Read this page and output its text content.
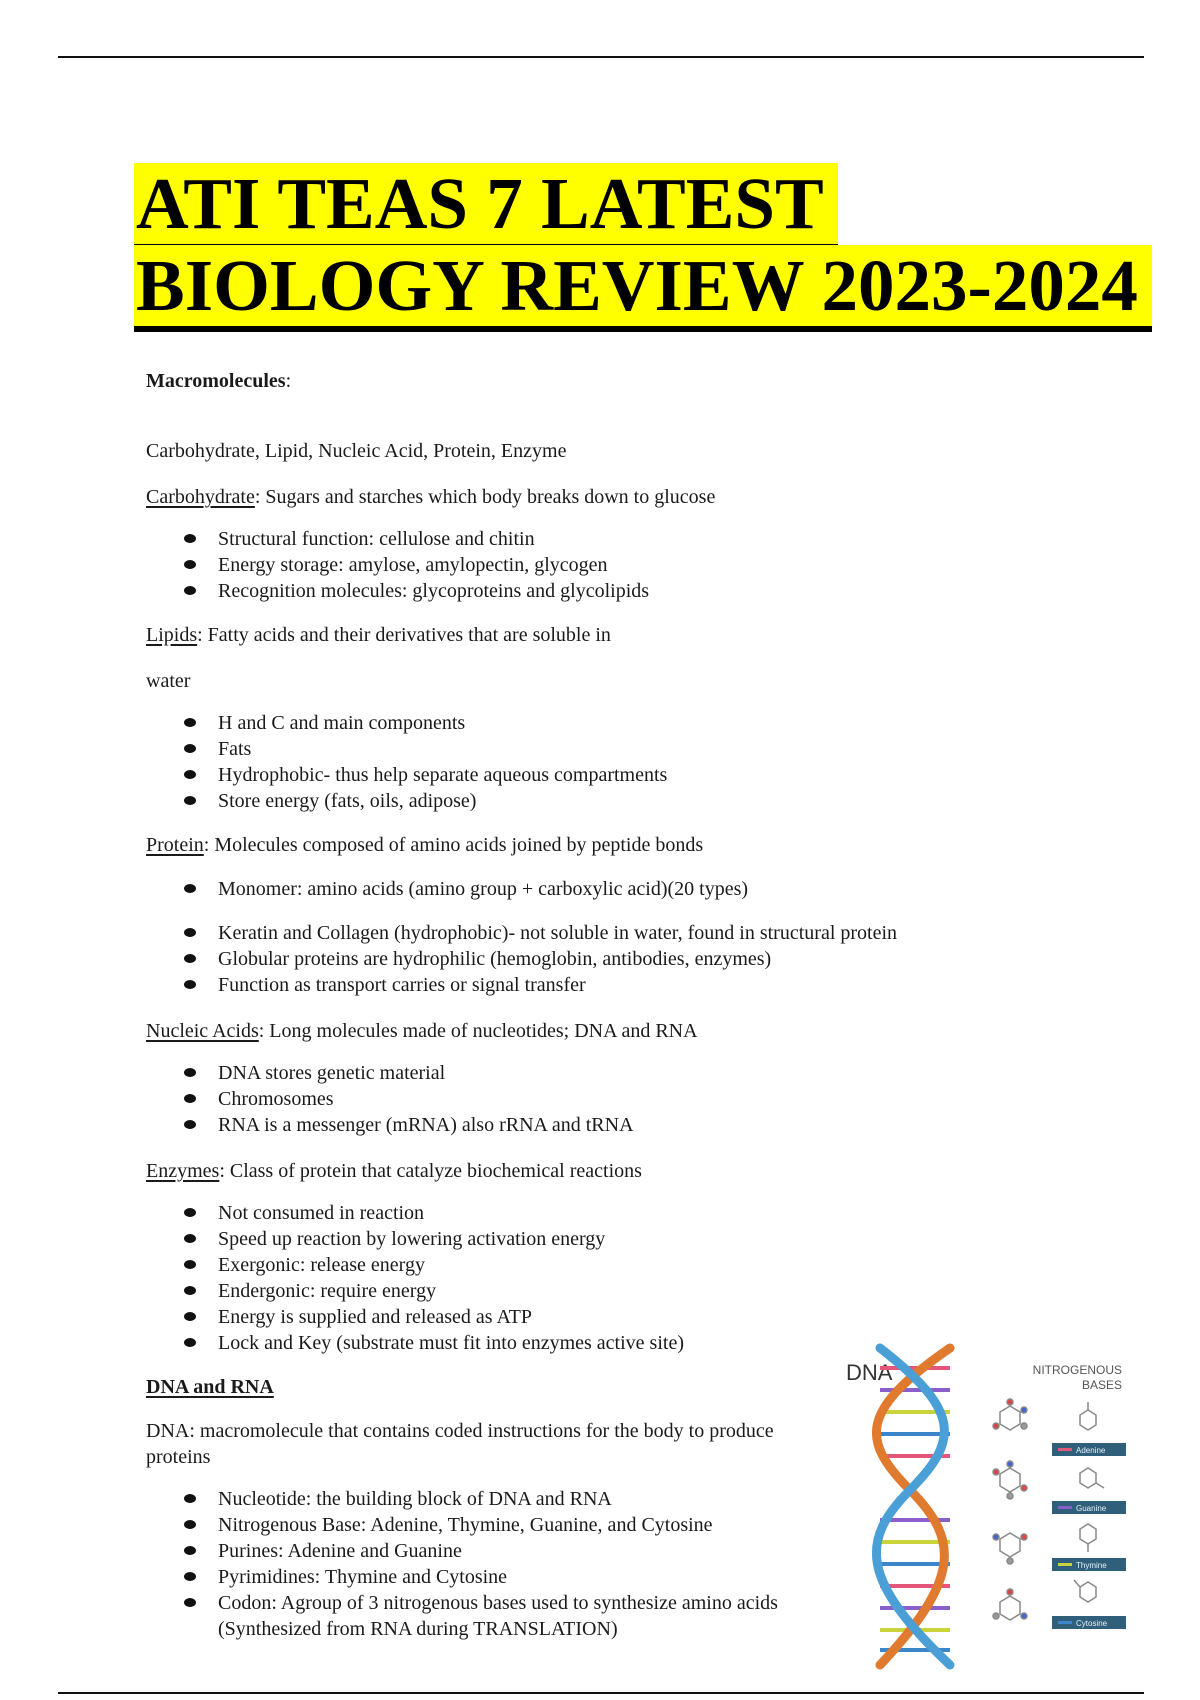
ATI TEAS 7 LATEST
BIOLOGY REVIEW 2023-2024

Macromolecules:

Carbohydrate, Lipid, Nucleic Acid, Protein, Enzyme

Carbohydrate: Sugars and starches which body breaks down to glucose

Structural function: cellulose and chitin
Energy storage: amylose, amylopectin, glycogen
Recognition molecules: glycoproteins and glycolipids

Lipids: Fatty acids and their derivatives that are soluble in

water

H and C and main components
Fats
Hydrophobic- thus help separate aqueous compartments
Store energy (fats, oils, adipose)

Protein: Molecules composed of amino acids joined by peptide bonds

Monomer: amino acids (amino group + carboxylic acid)(20 types)
Keratin and Collagen (hydrophobic)- not soluble in water, found in structural protein
Globular proteins are hydrophilic (hemoglobin, antibodies, enzymes)
Function as transport carries or signal transfer

Nucleic Acids: Long molecules made of nucleotides; DNA and RNA

DNA stores genetic material
Chromosomes
RNA is a messenger (mRNA) also rRNA and tRNA

Enzymes: Class of protein that catalyze biochemical reactions

Not consumed in reaction
Speed up reaction by lowering activation energy
Exergonic: release energy
Endergonic: require energy
Energy is supplied and released as ATP
Lock and Key (substrate must fit into enzymes active site)

DNA and RNA

DNA: macromolecule that contains coded instructions for the body to produce proteins

Nucleotide: the building block of DNA and RNA
Nitrogenous Base: Adenine, Thymine, Guanine, and Cytosine
Purines: Adenine and Guanine
Pyrimidines: Thymine and Cytosine
Codon: Agroup of 3 nitrogenous bases used to synthesize amino acids (Synthesized from RNA during TRANSLATION)
DNA	NITROGENOUS
BASES
Adenine
Guanine
Thymine
Cytosine
